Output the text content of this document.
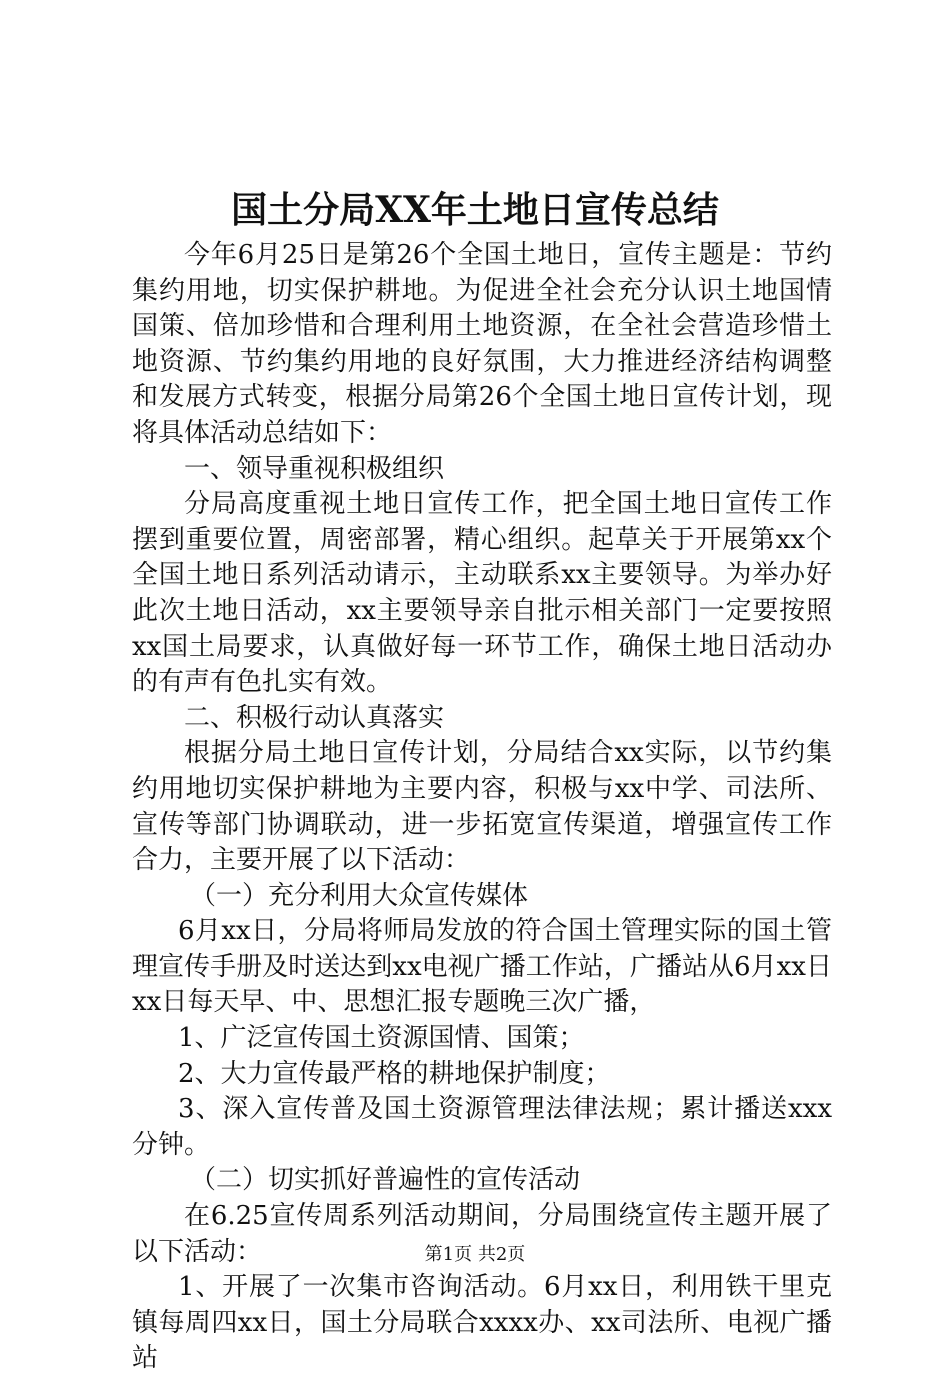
国土分局XX年土地日宣传总结

今年6月25日是第26个全国土地日，宣传主题是：节约集约用地，切实保护耕地。为促进全社会充分认识土地国情国策、倍加珍惜和合理利用土地资源，在全社会营造珍惜土地资源、节约集约用地的良好氛围，大力推进经济结构调整和发展方式转变，根据分局第26个全国土地日宣传计划，现将具体活动总结如下：

一、领导重视积极组织

分局高度重视土地日宣传工作，把全国土地日宣传工作摆到重要位置，周密部署，精心组织。起草关于开展第xx个全国土地日系列活动请示，主动联系xx主要领导。为举办好此次土地日活动，xx主要领导亲自批示相关部门一定要按照xx国土局要求，认真做好每一环节工作，确保土地日活动办的有声有色扎实有效。

二、积极行动认真落实

根据分局土地日宣传计划，分局结合xx实际，以节约集约用地切实保护耕地为主要内容，积极与xx中学、司法所、宣传等部门协调联动，进一步拓宽宣传渠道，增强宣传工作合力，主要开展了以下活动：

（一）充分利用大众宣传媒体

6月xx日，分局将师局发放的符合国土管理实际的国土管理宣传手册及时送达到xx电视广播工作站，广播站从6月xx日xx日每天早、中、思想汇报专题晚三次广播，

1、广泛宣传国土资源国情、国策；

2、大力宣传最严格的耕地保护制度；

3、深入宣传普及国土资源管理法律法规；累计播送xxx分钟。

（二）切实抓好普遍性的宣传活动

在6.25宣传周系列活动期间，分局围绕宣传主题开展了以下活动：

1、开展了一次集市咨询活动。6月xx日，利用铁干里克镇每周四xx日，国土分局联合xxxx办、xx司法所、电视广播站

第1页 共2页
